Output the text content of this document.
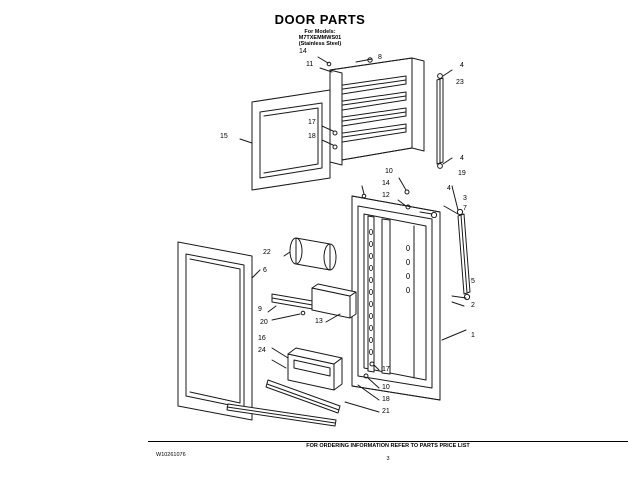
DOOR PARTS
For Models:
M7TXEMMWS01
(Stainless Steel)
14
8
11	4
23
15
17
18
4
10	19
14
12
4
3
7
22
6
5
9
2
20	13
1
16
24
17
10
18
21
FOR ORDERING INFORMATION REFER TO PARTS PRICE LIST
W10261076
3
